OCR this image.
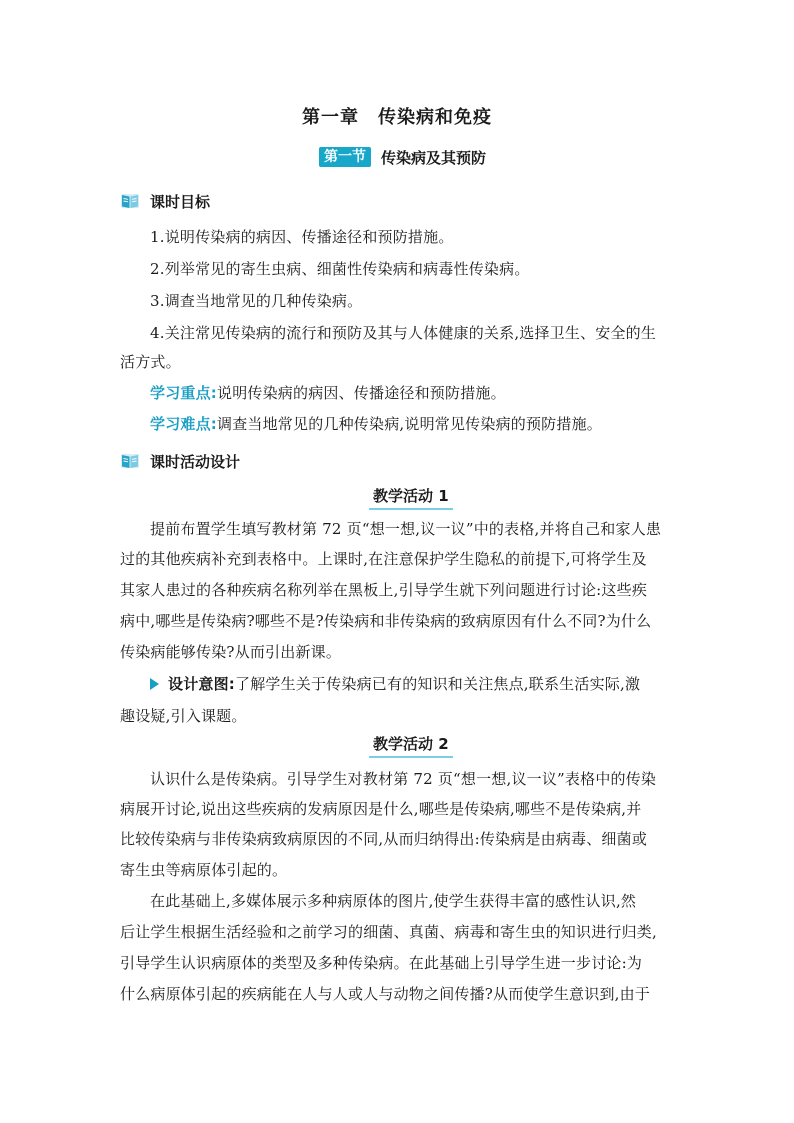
第一章　传染病和免疫
第一节	传染病及其预防
课时目标
1.说明传染病的病因、传播途径和预防措施。
2.列举常见的寄生虫病、细菌性传染病和病毒性传染病。
3.调查当地常见的几种传染病。
4.关注常见传染病的流行和预防及其与人体健康的关系,选择卫生、安全的生
活方式。
学习重点:说明传染病的病因、传播途径和预防措施。
学习难点:调查当地常见的几种传染病,说明常见传染病的预防措施。
课时活动设计
教学活动 1
提前布置学生填写教材第 72 页“想一想,议一议”中的表格,并将自己和家人患
过的其他疾病补充到表格中。上课时,在注意保护学生隐私的前提下,可将学生及
其家人患过的各种疾病名称列举在黑板上,引导学生就下列问题进行讨论:这些疾
病中,哪些是传染病?哪些不是?传染病和非传染病的致病原因有什么不同?为什么
传染病能够传染?从而引出新课。
设计意图:了解学生关于传染病已有的知识和关注焦点,联系生活实际,激
趣设疑,引入课题。
教学活动 2
认识什么是传染病。引导学生对教材第 72 页“想一想,议一议”表格中的传染
病展开讨论,说出这些疾病的发病原因是什么,哪些是传染病,哪些不是传染病,并
比较传染病与非传染病致病原因的不同,从而归纳得出:传染病是由病毒、细菌或
寄生虫等病原体引起的。
在此基础上,多媒体展示多种病原体的图片,使学生获得丰富的感性认识,然
后让学生根据生活经验和之前学习的细菌、真菌、病毒和寄生虫的知识进行归类,
引导学生认识病原体的类型及多种传染病。在此基础上引导学生进一步讨论:为
什么病原体引起的疾病能在人与人或人与动物之间传播?从而使学生意识到,由于
